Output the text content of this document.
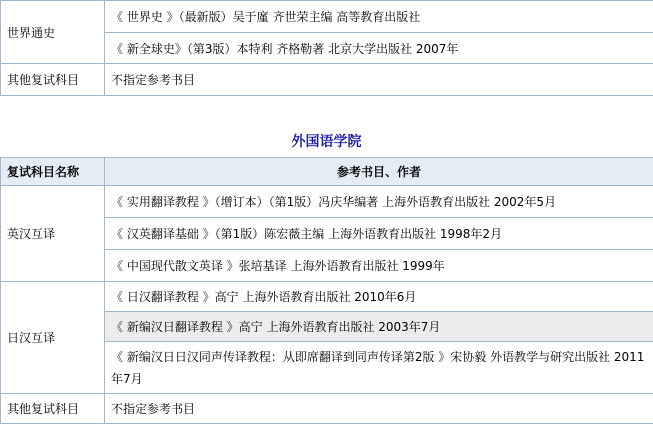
世界通史	《 世界史 》（最新版）吴于廑 齐世荣主编 高等教育出版社
	《 新全球史》（第3版）本特利 齐格勒著 北京大学出版社 2007年
其他复试科目	不指定参考书目
外国语学院
复试科目名称	参考书目、作者
英汉互译	《 实用翻译教程 》（增订本）（第1版）冯庆华编著 上海外语教育出版社 2002年5月
	《 汉英翻译基础 》（第1版）陈宏薇主编 上海外语教育出版社 1998年2月
	《 中国现代散文英译 》张培基译 上海外语教育出版社 1999年
日汉互译	《 日汉翻译教程 》高宁 上海外语教育出版社 2010年6月
	《 新编汉日翻译教程 》高宁 上海外语教育出版社 2003年7月
	《 新编汉日日汉同声传译教程：从即席翻译到同声传译第2版 》宋协毅 外语教学与研究出版社 2011年7月
其他复试科目	不指定参考书目
